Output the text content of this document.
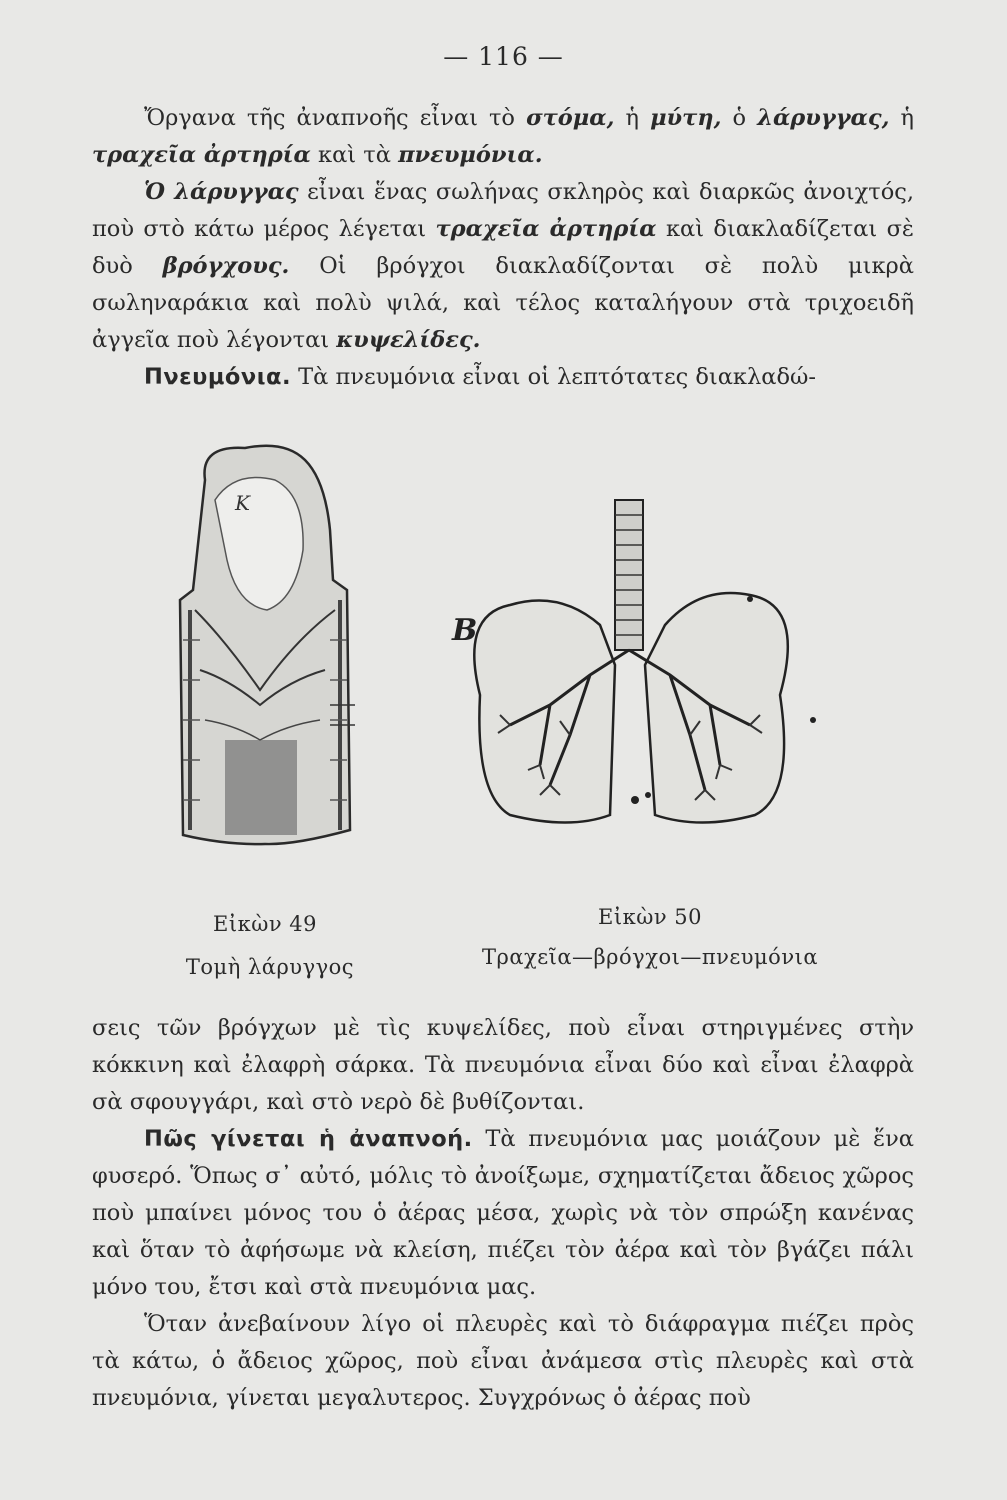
— 116 —

Ὄργανα τῆς ἀναπνοῆς εἶναι τὸ στόμα, ἡ μύτη, ὁ λάρυγγας, ἡ τραχεῖα ἀρτηρία καὶ τὰ πνευμόνια.

Ὁ λάρυγγας εἶναι ἕνας σωλήνας σκληρὸς καὶ διαρκῶς ἀνοιχτός, ποὺ στὸ κάτω μέρος λέγεται τραχεῖα ἀρτηρία καὶ διακλαδίζεται σὲ δυὸ βρόγχους. Οἱ βρόγχοι διακλαδίζονται σὲ πολὺ μικρὰ σωληναράκια καὶ πολὺ ψιλά, καὶ τέλος καταλήγουν στὰ τριχοειδῆ ἀγγεῖα ποὺ λέγονται κυψελίδες.

Πνευμόνια. Τὰ πνευμόνια εἶναι οἱ λεπτότατες διακλαδώ-

Κ
Β
Εἰκὼν 49
Τομὴ λάρυγγος
Εἰκὼν 50
Τραχεῖα—βρόγχοι—πνευμόνια

σεις τῶν βρόγχων μὲ τὶς κυψελίδες, ποὺ εἶναι στηριγμένες στὴν κόκκινη καὶ ἐλαφρὴ σάρκα. Τὰ πνευμόνια εἶναι δύο καὶ εἶναι ἐλαφρὰ σὰ σφουγγάρι, καὶ στὸ νερὸ δὲ βυθίζονται.

Πῶς γίνεται ἡ ἀναπνοή. Τὰ πνευμόνια μας μοιάζουν μὲ ἕνα φυσερό. Ὅπως σ᾽ αὐτό, μόλις τὸ ἀνοίξωμε, σχηματίζεται ἄδειος χῶρος ποὺ μπαίνει μόνος του ὁ ἀέρας μέσα, χωρὶς νὰ τὸν σπρώξη κανένας καὶ ὅταν τὸ ἀφήσωμε νὰ κλείση, πιέζει τὸν ἀέρα καὶ τὸν βγάζει πάλι μόνο του, ἔτσι καὶ στὰ πνευμόνια μας.

Ὅταν ἀνεβαίνουν λίγο οἱ πλευρὲς καὶ τὸ διάφραγμα πιέζει πρὸς τὰ κάτω, ὁ ἄδειος χῶρος, ποὺ εἶναι ἀνάμεσα στὶς πλευρὲς καὶ στὰ πνευμόνια, γίνεται μεγαλυτερος. Συγχρόνως ὁ ἀέρας ποὺ
